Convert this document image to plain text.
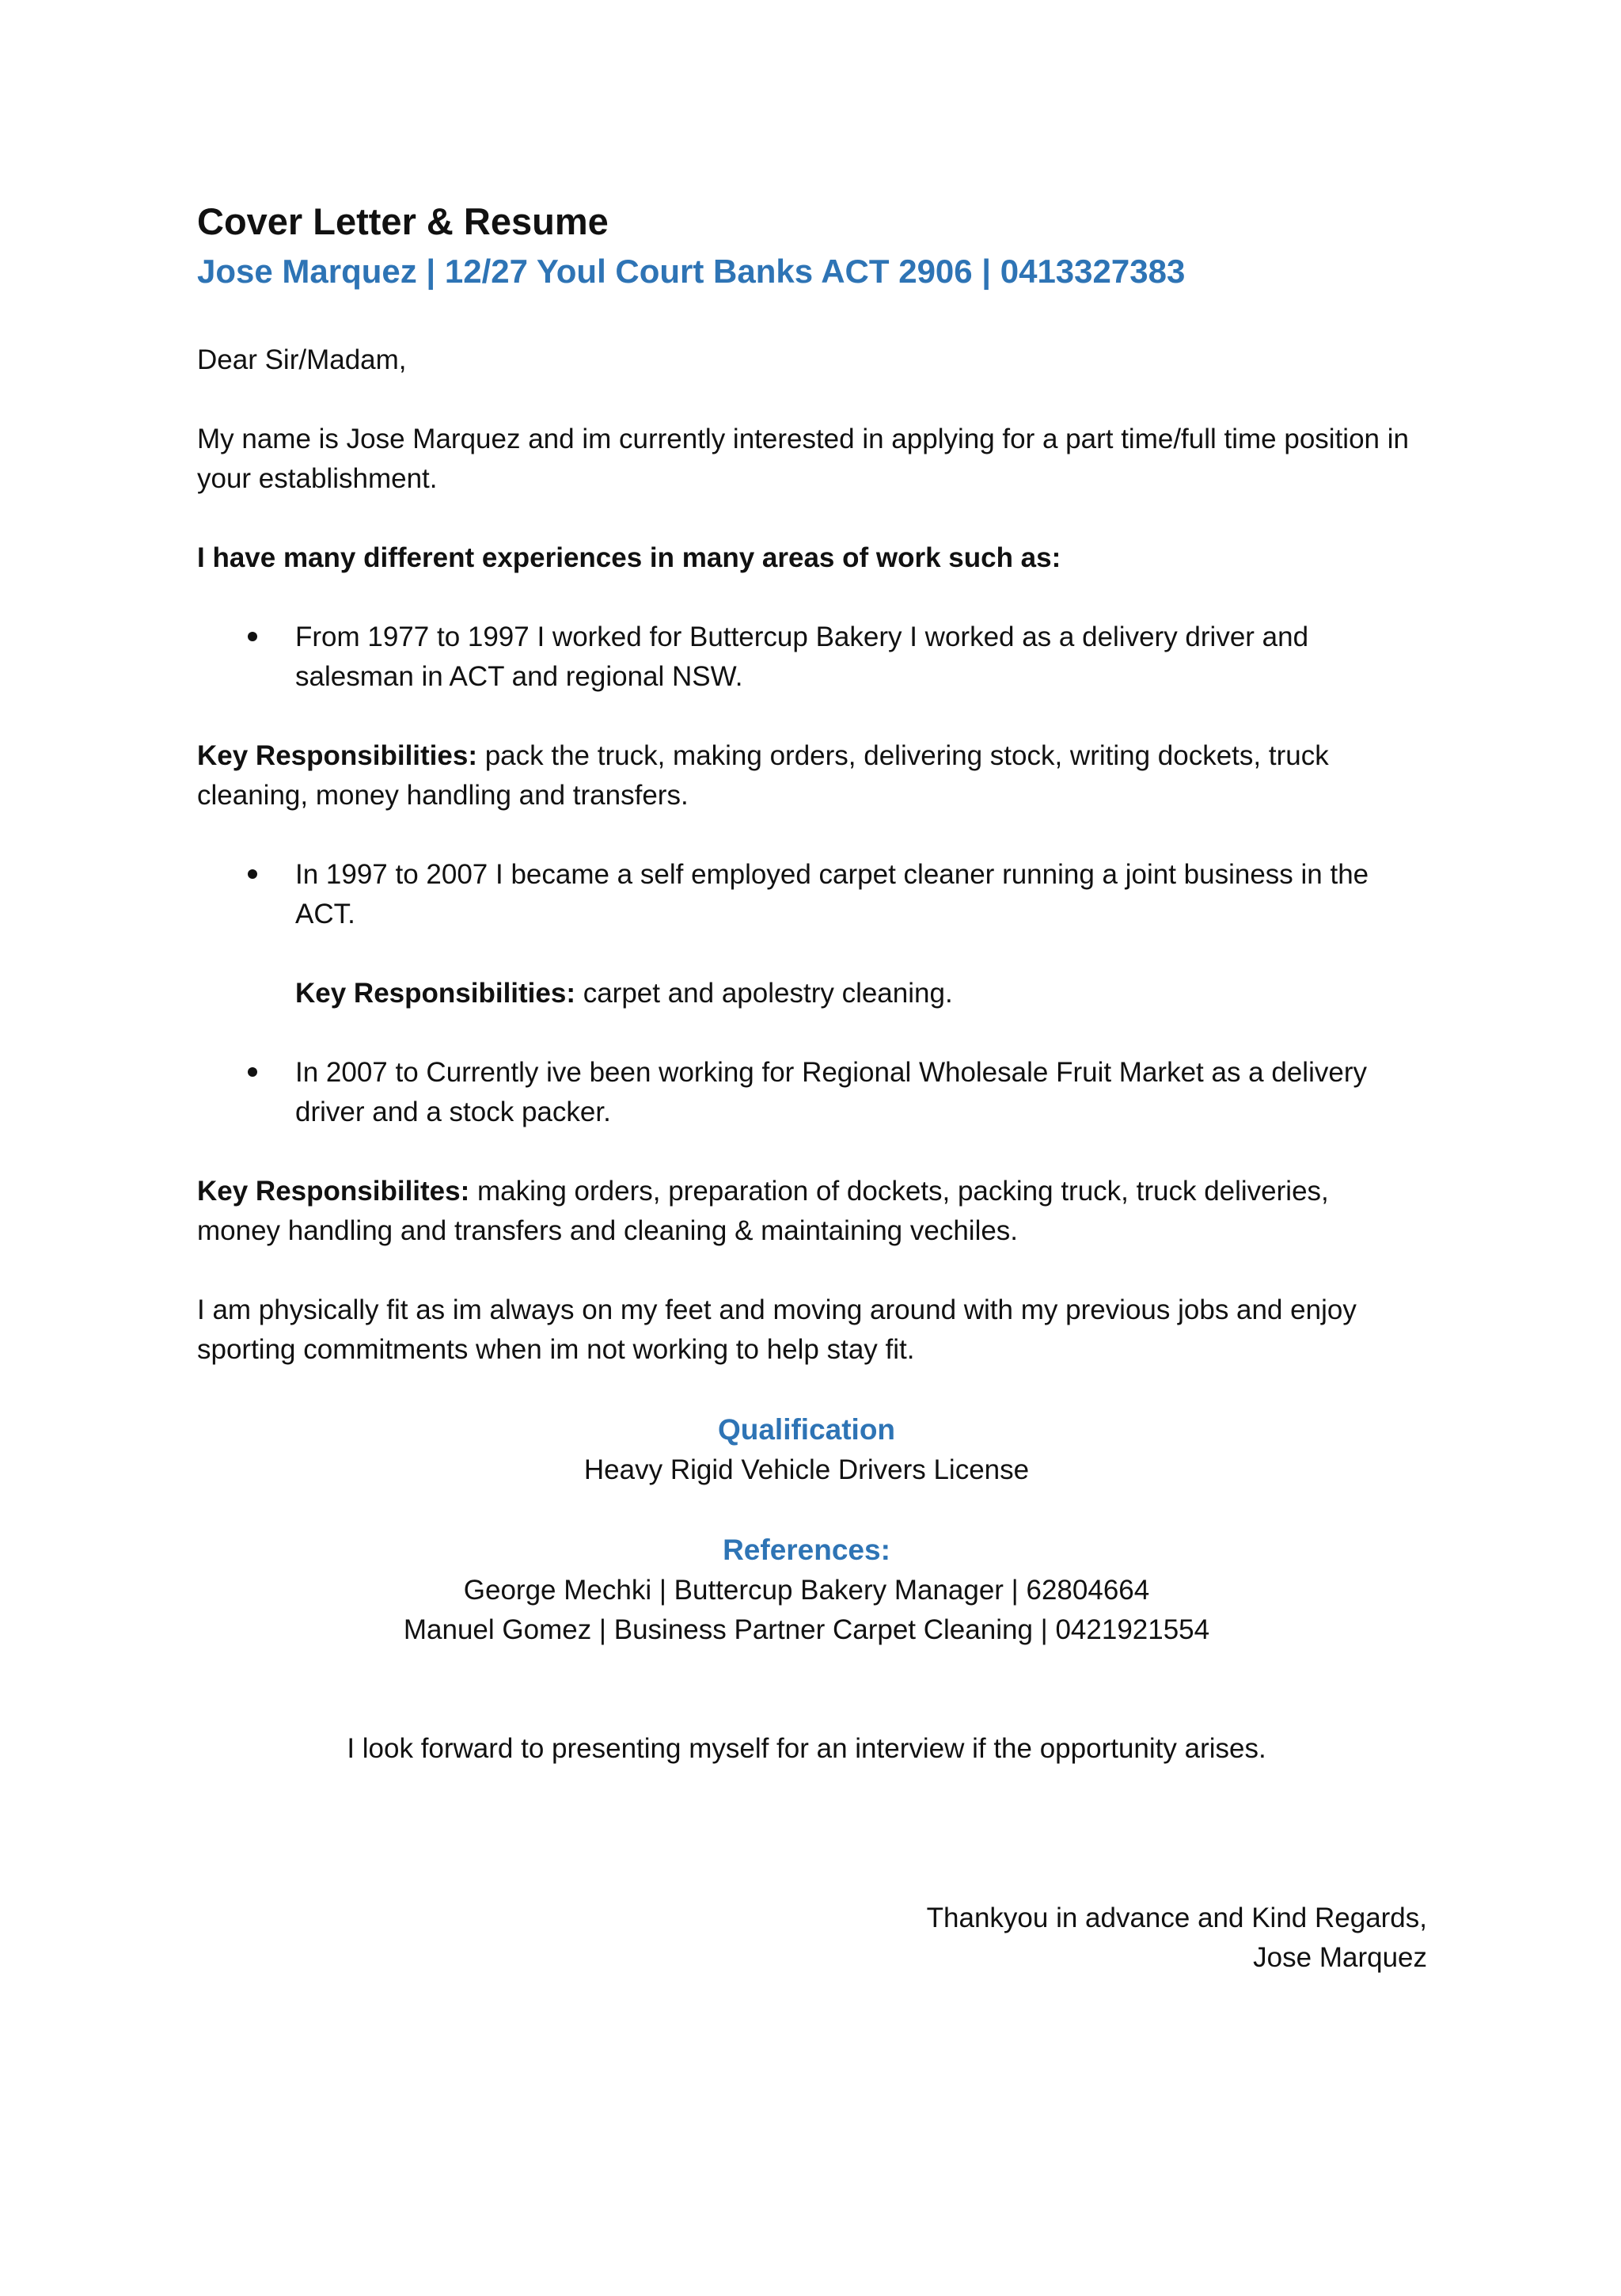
Cover Letter & Resume

Jose Marquez | 12/27 Youl Court Banks ACT 2906 | 0413327383

Dear Sir/Madam,

My name is Jose Marquez and im currently interested in applying for a part time/full time position in your establishment.

I have many different experiences in many areas of work such as:

From 1977 to 1997 I worked for Buttercup Bakery I worked as a delivery driver and salesman in ACT and regional NSW.

Key Responsibilities: pack the truck, making orders, delivering stock, writing dockets, truck cleaning, money handling and transfers.

In 1997 to 2007 I became a self employed carpet cleaner running a joint business in the ACT.

Key Responsibilities: carpet and apolestry cleaning.

In 2007 to Currently ive been working for Regional Wholesale Fruit Market as a delivery driver and a stock packer.

Key Responsibilites: making orders, preparation of dockets, packing truck, truck deliveries, money handling and transfers and cleaning & maintaining vechiles.

I am physically fit as im always on my feet and moving around with my previous jobs and enjoy sporting commitments when im not working to help stay fit.

Qualification

Heavy Rigid Vehicle Drivers License

References:

George Mechki | Buttercup Bakery Manager | 62804664

Manuel Gomez | Business Partner Carpet Cleaning | 0421921554

I look forward to presenting myself for an interview if the opportunity arises.

Thankyou in advance and Kind Regards,

Jose Marquez
